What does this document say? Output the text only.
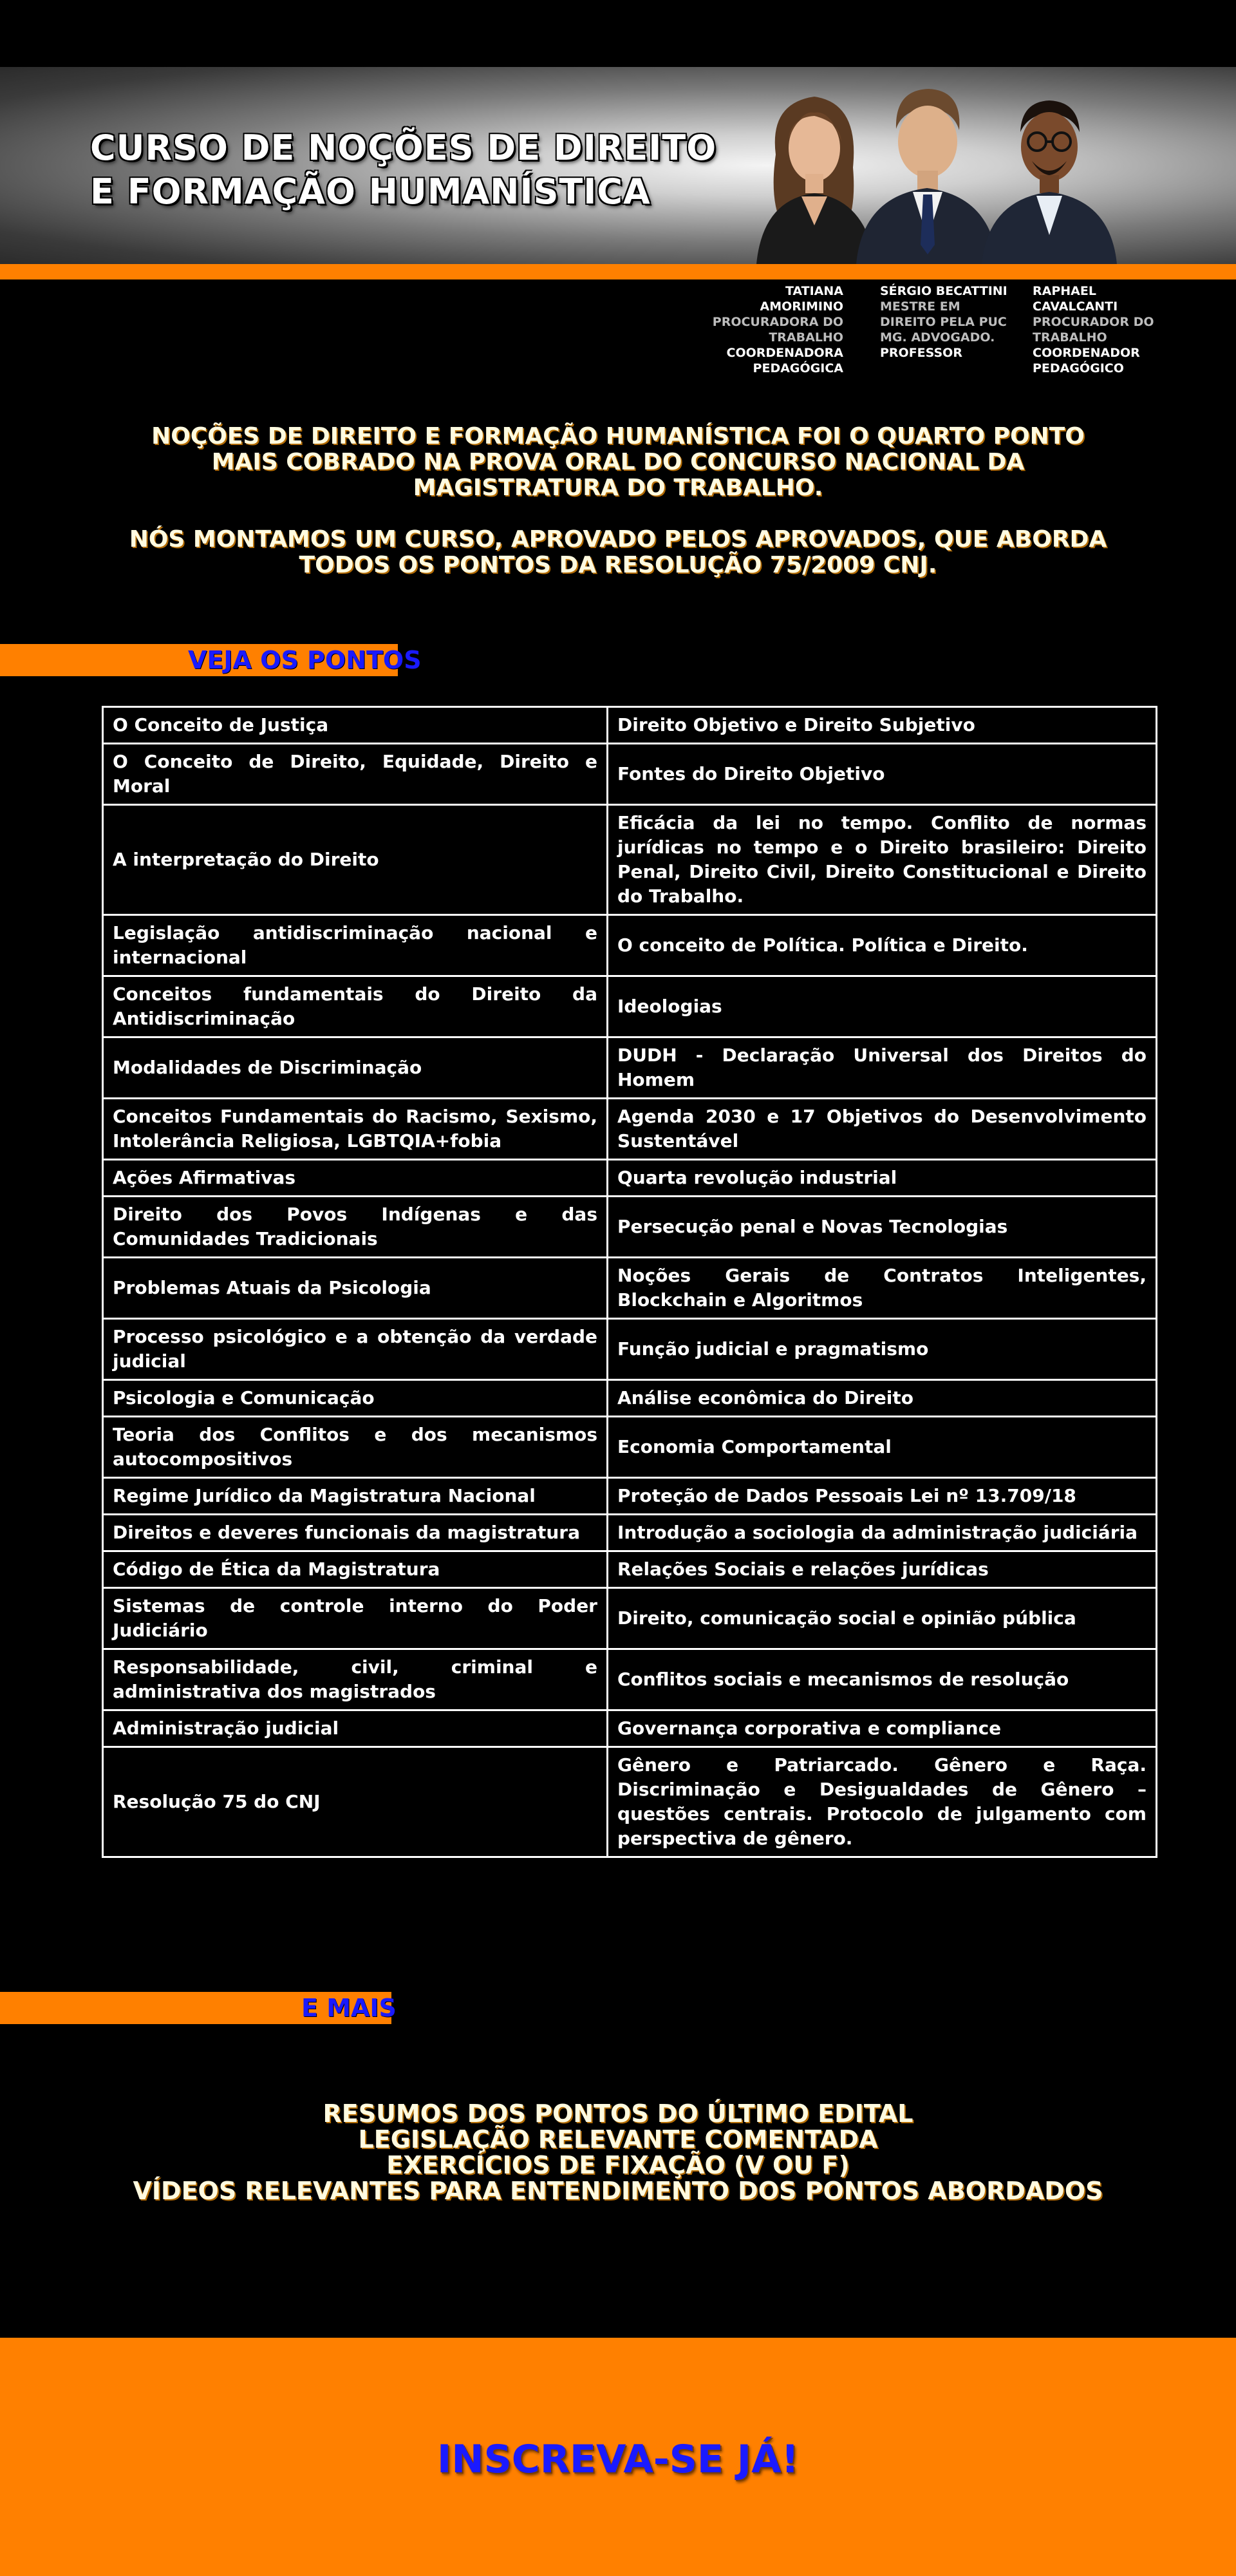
CURSO DE NOÇÕES DE DIREITO
E FORMAÇÃO HUMANÍSTICA
TATIANA
AMORIMINO
PROCURADORA DO TRABALHO
COORDENADORA PEDAGÓGICA
SÉRGIO BECATTINI
MESTRE EM DIREITO PELA PUC MG. ADVOGADO.
PROFESSOR
RAPHAEL
CAVALCANTI
PROCURADOR DO TRABALHO
COORDENADOR PEDAGÓGICO
NOÇÕES DE DIREITO E FORMAÇÃO HUMANÍSTICA FOI O QUARTO PONTO MAIS COBRADO NA PROVA ORAL DO CONCURSO NACIONAL DA MAGISTRATURA DO TRABALHO.
NÓS MONTAMOS UM CURSO, APROVADO PELOS APROVADOS, QUE ABORDA TODOS OS PONTOS DA RESOLUÇÃO 75/2009 CNJ.
VEJA OS PONTOS
O Conceito de Justiça	Direito Objetivo e Direito Subjetivo
O Conceito de Direito, Equidade, Direito e Moral	Fontes do Direito Objetivo
A interpretação do Direito	Eficácia da lei no tempo. Conflito de normas jurídicas no tempo e o Direito brasileiro: Direito Penal, Direito Civil, Direito Constitucional e Direito do Trabalho.
Legislação antidiscriminação nacional e internacional	O conceito de Política. Política e Direito.
Conceitos fundamentais do Direito da Antidiscriminação	Ideologias
Modalidades de Discriminação	DUDH - Declaração Universal dos Direitos do Homem
Conceitos Fundamentais do Racismo, Sexismo, Intolerância Religiosa, LGBTQIA+fobia	Agenda 2030 e 17 Objetivos do Desenvolvimento Sustentável
Ações Afirmativas	Quarta revolução industrial
Direito dos Povos Indígenas e das Comunidades Tradicionais	Persecução penal e Novas Tecnologias
Problemas Atuais da Psicologia	Noções Gerais de Contratos Inteligentes, Blockchain e Algoritmos
Processo psicológico e a obtenção da verdade judicial	Função judicial e pragmatismo
Psicologia e Comunicação	Análise econômica do Direito
Teoria dos Conflitos e dos mecanismos autocompositivos	Economia Comportamental
Regime Jurídico da Magistratura Nacional	Proteção de Dados Pessoais Lei nº 13.709/18
Direitos e deveres funcionais da magistratura	Introdução a sociologia da administração judiciária
Código de Ética da Magistratura	Relações Sociais e relações jurídicas
Sistemas de controle interno do Poder Judiciário	Direito, comunicação social e opinião pública
Responsabilidade, civil, criminal e administrativa dos magistrados	Conflitos sociais e mecanismos de resolução
Administração judicial	Governança corporativa e compliance
Resolução 75 do CNJ	Gênero e Patriarcado. Gênero e Raça. Discriminação e Desigualdades de Gênero – questões centrais. Protocolo de julgamento com perspectiva de gênero.
E MAIS
RESUMOS DOS PONTOS DO ÚLTIMO EDITAL
LEGISLAÇÃO RELEVANTE COMENTADA
EXERCÍCIOS DE FIXAÇÃO (V OU F)
VÍDEOS RELEVANTES PARA ENTENDIMENTO DOS PONTOS ABORDADOS
INSCREVA-SE JÁ!
